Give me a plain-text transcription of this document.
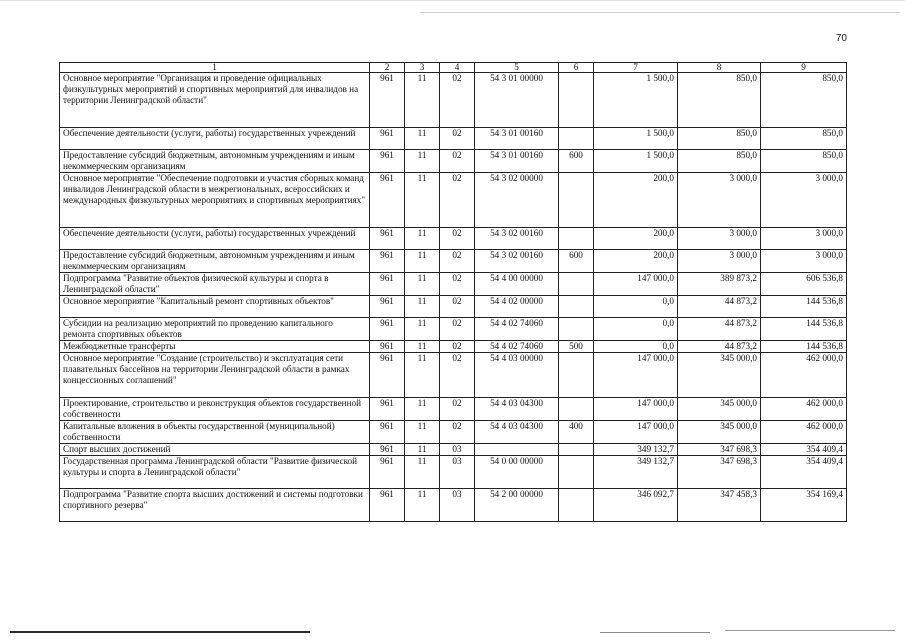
70
1	2	3	4	5	6	7	8	9
Основное мероприятие "Организация и проведение официальных физкультурных мероприятий и спортивных мероприятий для инвалидов на территории Ленинградской области"	961	11	02	54 3 01 00000		1 500,0	850,0	850,0
Обеспечение деятельности (услуги, работы) государственных учреждений	961	11	02	54 3 01 00160		1 500,0	850,0	850,0
Предоставление субсидий бюджетным, автономным учреждениям и иным некоммерческим организациям	961	11	02	54 3 01 00160	600	1 500,0	850,0	850,0
Основное мероприятие "Обеспечение подготовки и участия сборных команд инвалидов Ленинградской области в межрегиональных, всероссийских и международных физкультурных мероприятиях и спортивных мероприятиях"	961	11	02	54 3 02 00000		200,0	3 000,0	3 000,0
Обеспечение деятельности (услуги, работы) государственных учреждений	961	11	02	54 3 02 00160		200,0	3 000,0	3 000,0
Предоставление субсидий бюджетным, автономным учреждениям и иным некоммерческим организациям	961	11	02	54 3 02 00160	600	200,0	3 000,0	3 000,0
Подпрограмма "Развитие объектов физической культуры и спорта в Ленинградской области"	961	11	02	54 4 00 00000		147 000,0	389 873,2	606 536,8
Основное мероприятие "Капитальный ремонт спортивных объектов"	961	11	02	54 4 02 00000		0,0	44 873,2	144 536,8
Субсидии на реализацию мероприятий по проведению капитального ремонта спортивных объектов	961	11	02	54 4 02 74060		0,0	44 873,2	144 536,8
Межбюджетные трансферты	961	11	02	54 4 02 74060	500	0,0	44 873,2	144 536,8
Основное мероприятие "Создание (строительство) и эксплуатация сети плавательных бассейнов на территории Ленинградской области в рамках концессионных соглашений"	961	11	02	54 4 03 00000		147 000,0	345 000,0	462 000,0
Проектирование, строительство и реконструкция объектов государственной собственности	961	11	02	54 4 03 04300		147 000,0	345 000,0	462 000,0
Капитальные вложения в объекты государственной (муниципальной) собственности	961	11	02	54 4 03 04300	400	147 000,0	345 000,0	462 000,0
Спорт высших достижений	961	11	03			349 132,7	347 698,3	354 409,4
Государственная программа Ленинградской области "Развитие физической культуры и спорта в Ленинградской области"	961	11	03	54 0 00 00000		349 132,7	347 698,3	354 409,4
Подпрограмма "Развитие спорта высших достижений и системы подготовки спортивного резерва"	961	11	03	54 2 00 00000		346 092,7	347 458,3	354 169,4
